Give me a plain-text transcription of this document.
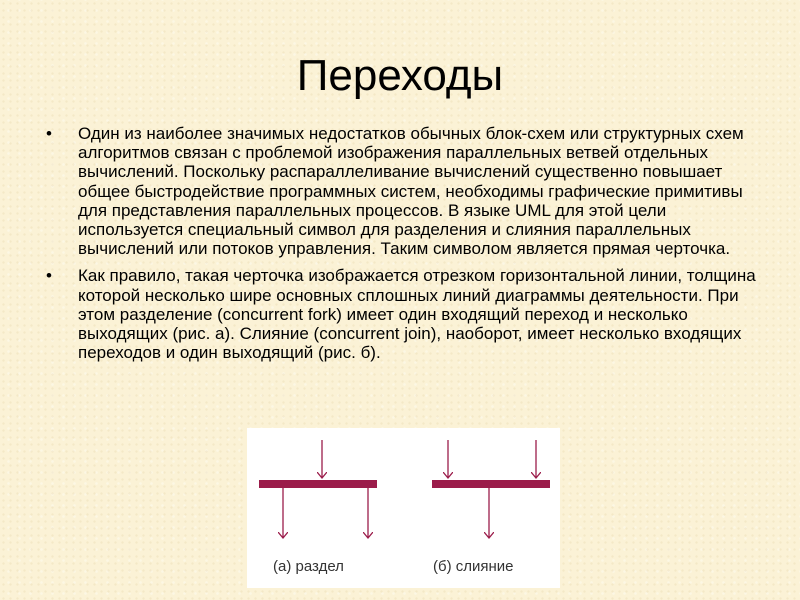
Переходы
•	Один из наиболее значимых недостатков обычных блок-схем или структурных схем алгоритмов связан с проблемой изображения параллельных ветвей отдельных вычислений. Поскольку распараллеливание вычислений существенно повышает общее быстродействие программных систем, необходимы графические примитивы для представления параллельных процессов. В языке UML для этой цели используется специальный символ для разделения и слияния параллельных вычислений или потоков управления. Таким символом является прямая черточка.
•	Как правило, такая черточка изображается отрезком горизонтальной линии, толщина которой несколько шире основных сплошных линий диаграммы деятельности. При этом разделение (concurrent fork) имеет один входящий переход и несколько выходящих (рис. а). Слияние (concurrent join), наоборот, имеет несколько входящих переходов и один выходящий (рис. б).
(а) раздел	(б) слияние
